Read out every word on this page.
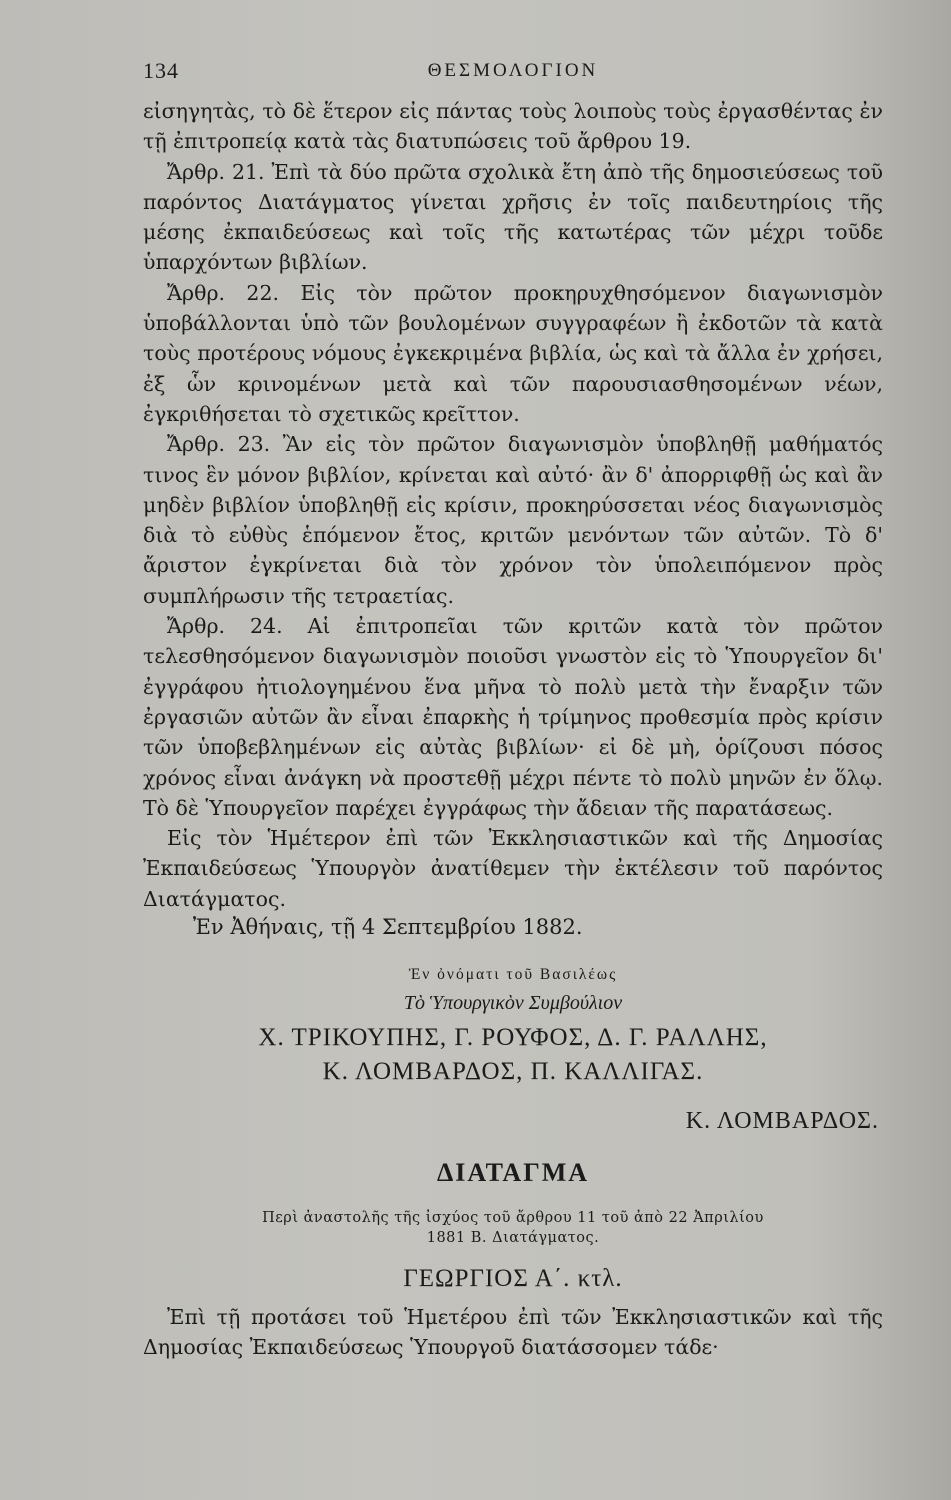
134	ΘΕΣΜΟΛΟΓΙΟΝ

εἰσηγητὰς, τὸ δὲ ἕτερον εἰς πάντας τοὺς λοιποὺς τοὺς ἐργασθέντας ἐν τῇ ἐπιτροπείᾳ κατὰ τὰς διατυπώσεις τοῦ ἄρθρου 19.

Ἄρθρ. 21. Ἐπὶ τὰ δύο πρῶτα σχολικὰ ἔτη ἀπὸ τῆς δημοσιεύσεως τοῦ παρόντος Διατάγματος γίνεται χρῆσις ἐν τοῖς παιδευτηρίοις τῆς μέσης ἐκπαιδεύσεως καὶ τοῖς τῆς κατωτέρας τῶν μέχρι τοῦδε ὑπαρχόντων βιβλίων.

Ἄρθρ. 22. Εἰς τὸν πρῶτον προκηρυχθησόμενον διαγωνισμὸν ὑποβάλλονται ὑπὸ τῶν βουλομένων συγγραφέων ἢ ἐκδοτῶν τὰ κατὰ τοὺς προτέρους νόμους ἐγκεκριμένα βιβλία, ὡς καὶ τὰ ἄλλα ἐν χρήσει, ἐξ ὧν κρινομένων μετὰ καὶ τῶν παρουσιασθησομένων νέων, ἐγκριθήσεται τὸ σχετικῶς κρεῖττον.

Ἄρθρ. 23. Ἂν εἰς τὸν πρῶτον διαγωνισμὸν ὑποβληθῇ μαθήματός τινος ἓν μόνον βιβλίον, κρίνεται καὶ αὐτό· ἂν δ' ἀπορριφθῇ ὡς καὶ ἂν μηδὲν βιβλίον ὑποβληθῇ εἰς κρίσιν, προκηρύσσεται νέος διαγωνισμὸς διὰ τὸ εὐθὺς ἑπόμενον ἔτος, κριτῶν μενόντων τῶν αὐτῶν. Τὸ δ' ἄριστον ἐγκρίνεται διὰ τὸν χρόνον τὸν ὑπολειπόμενον πρὸς συμπλήρωσιν τῆς τετραετίας.

Ἄρθρ. 24. Αἱ ἐπιτροπεῖαι τῶν κριτῶν κατὰ τὸν πρῶτον τελεσθησόμενον διαγωνισμὸν ποιοῦσι γνωστὸν εἰς τὸ Ὑπουργεῖον δι' ἐγγράφου ἠτιολογημένου ἕνα μῆνα τὸ πολὺ μετὰ τὴν ἔναρξιν τῶν ἐργασιῶν αὐτῶν ἂν εἶναι ἐπαρκὴς ἡ τρίμηνος προθεσμία πρὸς κρίσιν τῶν ὑποβεβλημένων εἰς αὐτὰς βιβλίων· εἰ δὲ μὴ, ὁρίζουσι πόσος χρόνος εἶναι ἀνάγκη νὰ προστεθῇ μέχρι πέντε τὸ πολὺ μηνῶν ἐν ὅλῳ. Τὸ δὲ Ὑπουργεῖον παρέχει ἐγγράφως τὴν ἄδειαν τῆς παρατάσεως.

Εἰς τὸν Ἡμέτερον ἐπὶ τῶν Ἐκκλησιαστικῶν καὶ τῆς Δημοσίας Ἐκπαιδεύσεως Ὑπουργὸν ἀνατίθεμεν τὴν ἐκτέλεσιν τοῦ παρόντος Διατάγματος.

Ἐν Ἀθήναις, τῇ 4 Σεπτεμβρίου 1882.
Ἐν ὀνόματι τοῦ Βασιλέως
Τὸ Ὑπουργικὸν Συμβούλιον
Χ. ΤΡΙΚΟΥΠΗΣ, Γ. ΡΟΥΦΟΣ, Δ. Γ. ΡΑΛΛΗΣ,
Κ. ΛΟΜΒΑΡΔΟΣ, Π. ΚΑΛΛΙΓΑΣ.
Κ. ΛΟΜΒΑΡΔΟΣ.
ΔΙΑΤΑΓΜΑ
Περὶ ἀναστολῆς τῆς ἰσχύος τοῦ ἄρθρου 11 τοῦ ἀπὸ 22 Ἀπριλίου
1881 Β. Διατάγματος.
ΓΕΩΡΓΙΟΣ Α΄. κτλ.

Ἐπὶ τῇ προτάσει τοῦ Ἡμετέρου ἐπὶ τῶν Ἐκκλησιαστικῶν καὶ τῆς Δημοσίας Ἐκπαιδεύσεως Ὑπουργοῦ διατάσσομεν τάδε·
